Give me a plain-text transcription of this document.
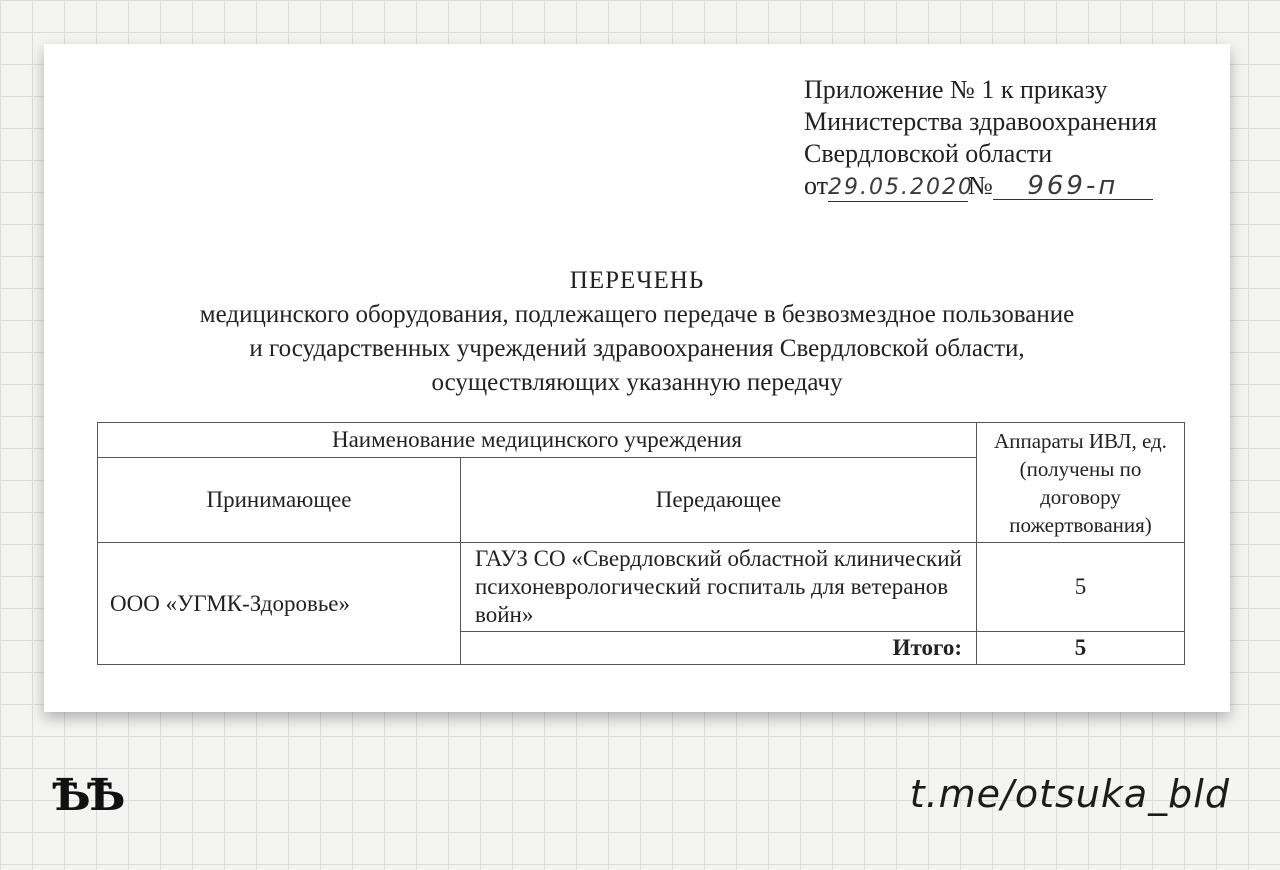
Приложение № 1 к приказу
Министерства здравоохранения
Свердловской области
от29.05.2020№ 969-п
ПЕРЕЧЕНЬ
медицинского оборудования, подлежащего передаче в безвозмездное пользование
и государственных учреждений здравоохранения Свердловской области,
осуществляющих указанную передачу
Наименование медицинского учреждения		Аппараты ИВЛ, ед. (получены по договору пожертвования)
Принимающее	Передающее	
ООО «УГМК-Здоровье»	ГАУЗ СО «Свердловский областной клинический психоневрологический госпиталь для ветеранов войн»	5
	Итого:	5
ѢѢ	t.me/otsuka_bld
